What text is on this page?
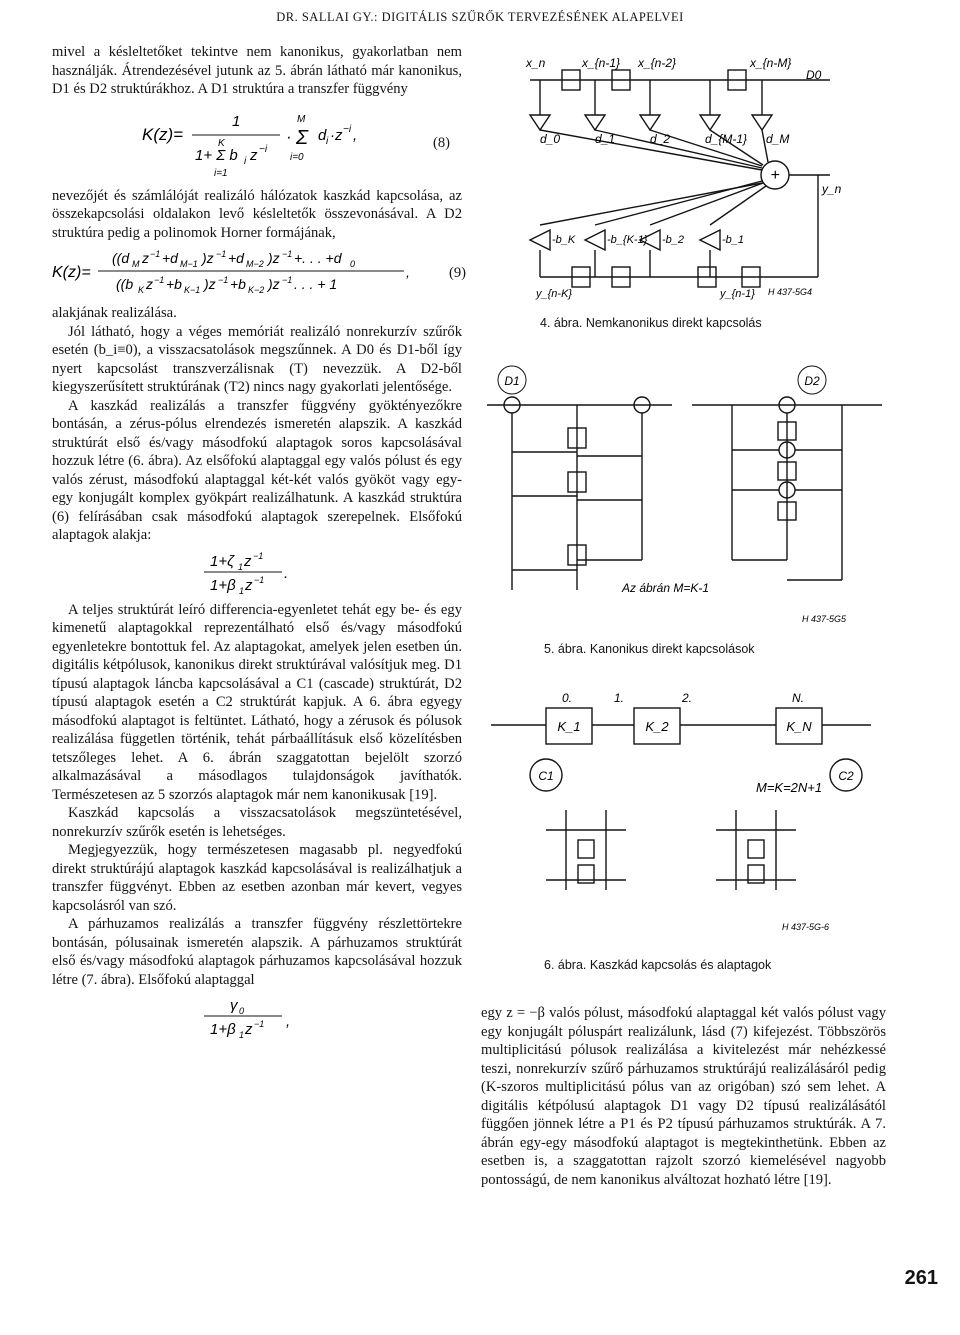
DR. SALLAI GY.: DIGITÁLIS SZŰRŐK TERVEZÉSÉNEK ALAPELVEI

mivel a késleltetőket tekintve nem kanonikus, gyakorlatban nem használják. Átrendezésével jutunk az 5. ábrán látható már kanonikus, D1 és D2 struktúrákhoz. A D1 struktúra a transzfer függvény

K(z)=
1
1+ Σ b i z −i
K
i=1
· Σ
M
i=0
d i ·z −i ,	(8)

nevezőjét és számlálóját realizáló hálózatok kaszkád kapcsolása, az összekapcsolási oldalakon levő késleltetők összevonásával. A D2 struktúra pedig a polinomok Horner formájának,

K(z)=
((d M z −1 +d M−1 )z −1 +d M−2 )z −1 +. . . +d 0
((b K z −1 +b K−1 )z −1 +b K−2 )z −1 . . . + 1
,	(9)

alakjának realizálása.

Jól látható, hogy a véges memóriát realizáló nonrekurzív szűrők esetén (b_i≡0), a visszacsatolások megszűnnek. A D0 és D1-ből így nyert kapcsolást transzverzálisnak (T) nevezzük. A D2-ből kiegyszerűsített struktúrának (T2) nincs nagy gyakorlati jelentősége.

A kaszkád realizálás a transzfer függvény gyöktényezőkre bontásán, a zérus-pólus elrendezés ismeretén alapszik. A kaszkád struktúrát első és/vagy másodfokú alaptagok soros kapcsolásával hozzuk létre (6. ábra). Az elsőfokú alaptaggal egy valós pólust és egy valós zérust, másodfokú alaptaggal két-két valós gyököt vagy egy-egy konjugált komplex gyökpárt realizálhatunk. A kaszkád struktúra (6) felírásában csak másodfokú alaptagok szerepelnek. Elsőfokú alaptagok alakja:

1+ζ 1 z −1
1+β 1 z −1 .

A teljes struktúrát leíró differencia-egyenletet tehát egy be- és egy kimenetű alaptagokkal reprezentálható első és/vagy másodfokú egyenletekre bontottuk fel. Az alaptagokat, amelyek jelen esetben ún. digitális kétpólusok, kanonikus direkt struktúrával valósítjuk meg. D1 típusú alaptagok láncba kapcsolásával a C1 (cascade) struktúrát, D2 típusú alaptagok esetén a C2 struktúrát kapjuk. A 6. ábra egyegy másodfokú alaptagot is feltüntet. Látható, hogy a zérusok és pólusok realizálása független történik, tehát párbaállításuk első közelítésben tetszőleges lehet. A 6. ábrán szaggatottan bejelölt szorzó alkalmazásával a másodlagos tulajdonságok javíthatók. Természetesen az 5 szorzós alaptagok már nem kanonikusak [19].

Kaszkád kapcsolás a visszacsatolások megszüntetésével, nonrekurzív szűrők esetén is lehetséges.

Megjegyezzük, hogy természetesen magasabb pl. negyedfokú direkt struktúrájú alaptagok kaszkád kapcsolásával is realizálhatjuk a transzfer függvényt. Ebben az esetben azonban már kevert, vegyes kapcsolásról van szó.

A párhuzamos realizálás a transzfer függvény részlettörtekre bontásán, pólusainak ismeretén alapszik. A párhuzamos struktúrát első és/vagy másodfokú alaptagok párhuzamos kapcsolásával hozzuk létre (7. ábra). Elsőfokú alaptaggal

γ 0
1+β 1 z −1 ,
+
x_n	x_{n-1} x_{n-2}	x_{n-M}
d_0	d_1	d_2	d_{M-1} d_M
D0
y_n
-b_K	-b_{K-1} -b_2	-b_1
y_{n-K}	y_{n-1} H 437-5G4
4. ábra. Nemkanonikus direkt kapcsolás
D1	D2
Az ábrán M=K-1
H 437-5G5
5. ábra. Kanonikus direkt kapcsolások
0.	1.	2.	N.
K_1	K_2	K_N
C1	C2
M=K=2N+1
H 437-5G-6
6. ábra. Kaszkád kapcsolás és alaptagok

egy z = −β valós pólust, másodfokú alaptaggal két valós pólust vagy egy konjugált póluspárt realizálunk, lásd (7) kifejezést. Többszörös multiplicitású pólusok realizálása a kivitelezést már nehézkessé teszi, nonrekurzív szűrő párhuzamos struktúrájú realizálásáról pedig (K-szoros multiplicitású pólus van az origóban) szó sem lehet. A digitális kétpólusú alaptagok D1 vagy D2 típusú realizálásától függően jönnek létre a P1 és P2 típusú párhuzamos struktúrák. A 7. ábrán egy-egy másodfokú alaptagot is megtekinthetünk. Ebben az esetben is, a szaggatottan rajzolt szorzó kiemelésével nagyobb pontosságú, de nem kanonikus alváltozat hozható létre [19].

261
